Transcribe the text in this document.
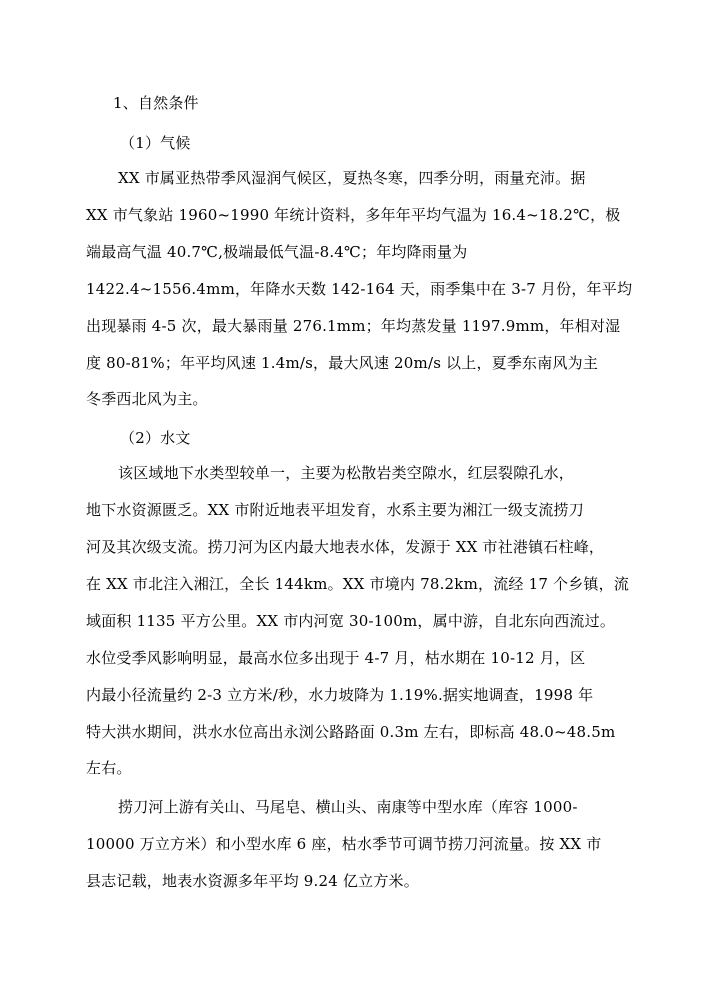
1、自然条件
（1）气候
XX 市属亚热带季风湿润气候区，夏热冬寒，四季分明，雨量充沛。据
XX 市气象站 1960~1990 年统计资料，多年年平均气温为 16.4~18.2℃，极
端最高气温 40.7℃,极端最低气温-8.4℃；年均降雨量为
1422.4~1556.4mm，年降水天数 142-164 天，雨季集中在 3-7 月份，年平均
出现暴雨 4-5 次，最大暴雨量 276.1mm；年均蒸发量 1197.9mm，年相对湿
度 80-81%；年平均风速 1.4m/s，最大风速 20m/s 以上，夏季东南风为主
冬季西北风为主。
（2）水文
该区域地下水类型较单一，主要为松散岩类空隙水，红层裂隙孔水，
地下水资源匮乏。XX 市附近地表平坦发育，水系主要为湘江一级支流捞刀
河及其次级支流。捞刀河为区内最大地表水体，发源于 XX 市社港镇石柱峰，
在 XX 市北注入湘江，全长 144km。XX 市境内 78.2km，流经 17 个乡镇，流
域面积 1135 平方公里。XX 市内河宽 30-100m，属中游，自北东向西流过。
水位受季风影响明显，最高水位多出现于 4-7 月，枯水期在 10-12 月，区
内最小径流量约 2-3 立方米/秒，水力坡降为 1.19%.据实地调查，1998 年
特大洪水期间，洪水水位高出永浏公路路面 0.3m 左右，即标高 48.0~48.5m
左右。
捞刀河上游有关山、马尾皂、横山头、南康等中型水库（库容 1000-
10000 万立方米）和小型水库 6 座，枯水季节可调节捞刀河流量。按 XX 市
县志记载，地表水资源多年平均 9.24 亿立方米。
